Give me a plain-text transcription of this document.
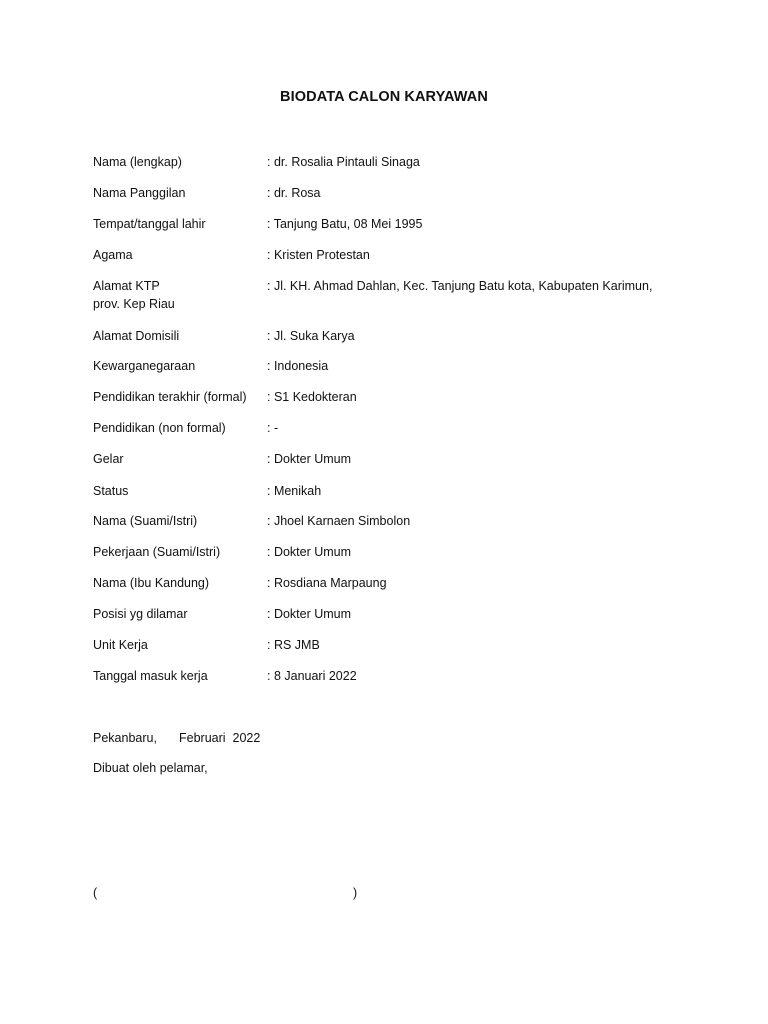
BIODATA CALON KARYAWAN
Nama (lengkap)	: dr. Rosalia Pintauli Sinaga
Nama Panggilan	: dr. Rosa
Tempat/tanggal lahir	: Tanjung Batu, 08 Mei 1995
Agama	: Kristen Protestan
Alamat KTP	: Jl. KH. Ahmad Dahlan, Kec. Tanjung Batu kota, Kabupaten Karimun,
prov. Kep Riau
Alamat Domisili	: Jl. Suka Karya
Kewarganegaraan	: Indonesia
Pendidikan terakhir (formal) : S1 Kedokteran
Pendidikan (non formal)	: -
Gelar	: Dokter Umum
Status	: Menikah
Nama (Suami/Istri)	: Jhoel Karnaen Simbolon
Pekerjaan (Suami/Istri)	: Dokter Umum
Nama (Ibu Kandung)	: Rosdiana Marpaung
Posisi yg dilamar	: Dokter Umum
Unit Kerja	: RS JMB
Tanggal masuk kerja	: 8 Januari 2022
Pekanbaru, Februari  2022
Dibuat oleh pelamar,
(	)
